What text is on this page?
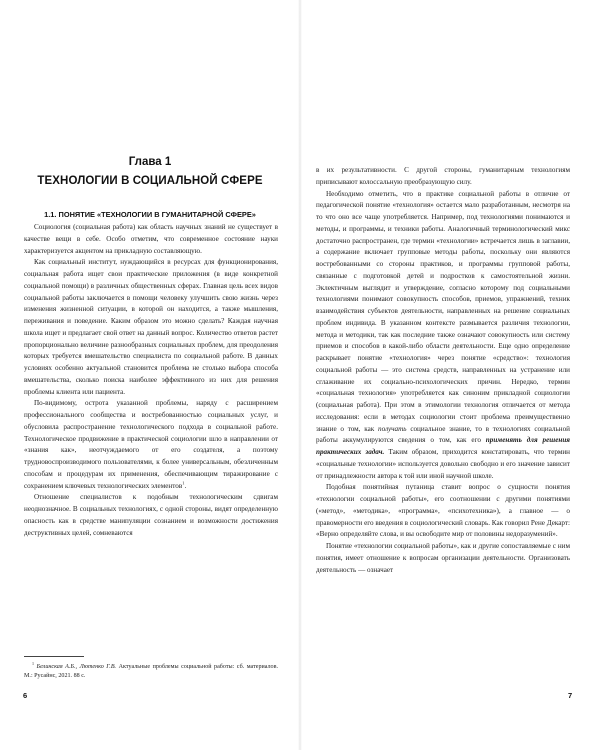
Глава 1
ТЕХНОЛОГИИ В СОЦИАЛЬНОЙ СФЕРЕ
1.1. ПОНЯТИЕ «ТЕХНОЛОГИИ В ГУМАНИТАРНОЙ СФЕРЕ»

Социология (социальная работа) как область научных знаний не существует в качестве вещи в себе. Особо отметим, что современное состояние науки характеризуется акцентом на прикладную составляющую.

Как социальный институт, нуждающийся в ресурсах для функционирования, социальная работа ищет свои практические приложения (в виде конкретной социальной помощи) в различных общественных сферах. Главная цель всех видов социальной работы заключается в помощи человеку улучшить свою жизнь через изменения жизненной ситуации, в которой он находится, а также мышления, переживания и поведение. Каким образом это можно сделать? Каждая научная школа ищет и предлагает свой ответ на данный вопрос. Количество ответов растет пропорционально величине разнообразных социальных проблем, для преодоления которых требуется вмешательство специалиста по социальной работе. В данных условиях особенно актуальной становится проблема не столько выбора способа вмешательства, сколько поиска наиболее эффективного из них для решения проблемы клиента или пациента.

По-видимому, острота указанной проблемы, наряду с расширением профессионального сообщества и востребованностью социальных услуг, и обусловила распространение технологического подхода в социальной работе. Технологическое продвижение в практической социологии шло в направлении от «знания как», неотчуждаемого от его создателя, а поэтому трудновоспроизводимого пользователями, к более универсальным, обезличенным способам и процедурам их применения, обеспечивающим тиражирование с сохранением ключевых технологических элементов$^1$.

Отношение специалистов к подобным технологическим сдвигам неоднозначное. В социальных технологиях, с одной стороны, видят определенную опасность как в средстве манипуляции сознанием и возможности достижения деструктивных целей, сомневаются

$^1$ Белинская А.Б., Лютенко Г.В. Актуальные проблемы социальной работы: сб. материалов. М.: Русайнс, 2021. 88 с.

6

в их результативности. С другой стороны, гуманитарным технологиям приписывают колоссальную преобразующую силу.

Необходимо отметить, что в практике социальной работы в отличие от педагогической понятие «технология» остается мало разработанным, несмотря на то что оно все чаще употребляется. Например, под технологиями понимаются и методы, и программы, и техники работы. Аналогичный терминологический микс достаточно распространен, где термин «технологии» встречается лишь в заглавии, а содержание включает групповые методы работы, поскольку они являются востребованными со стороны практиков, и программы групповой работы, связанные с подготовкой детей и подростков к самостоятельной жизни. Эклектичным выглядит и утверждение, согласно которому под социальными технологиями понимают совокупность способов, приемов, упражнений, техник взаимодействия субъектов деятельности, направленных на решение социальных проблем индивида. В указанном контексте размывается различия технологии, метода и методики, так как последние также означают совокупность или систему приемов и способов в какой-либо области деятельности. Еще одно определение раскрывает понятие «технология» через понятие «средство»: технология социальной работы — это система средств, направленных на устранение или сглаживание их социально-психологических причин. Нередко, термин «социальная технология» употребляется как синоним прикладной социологии (социальная работа). При этом в этимологии технология отличается от метода исследования: если в методах социологии стоит проблема преимущественно знание о том, как получать социальное знание, то в технологиях социальной работы аккумулируются сведения о том, как его применять для решения практических задач. Таким образом, приходится констатировать, что термин «социальные технологии» используется довольно свободно и его значение зависит от принадлежности автора к той или иной научной школе.

Подобная понятийная путаница ставит вопрос о сущности понятия «технологии социальной работы», его соотношении с другими понятиями («метод», «методика», «программа», «психотехника»), а главное — о правомерности его введения в социологический словарь. Как говорил Рене Декарт: «Верно определяйте слова, и вы освободите мир от половины недоразумений».

Понятие «технологии социальной работы», как и другие сопоставляемые с ним понятия, имеет отношение к вопросам организации деятельности. Организовать деятельность — означает

7
